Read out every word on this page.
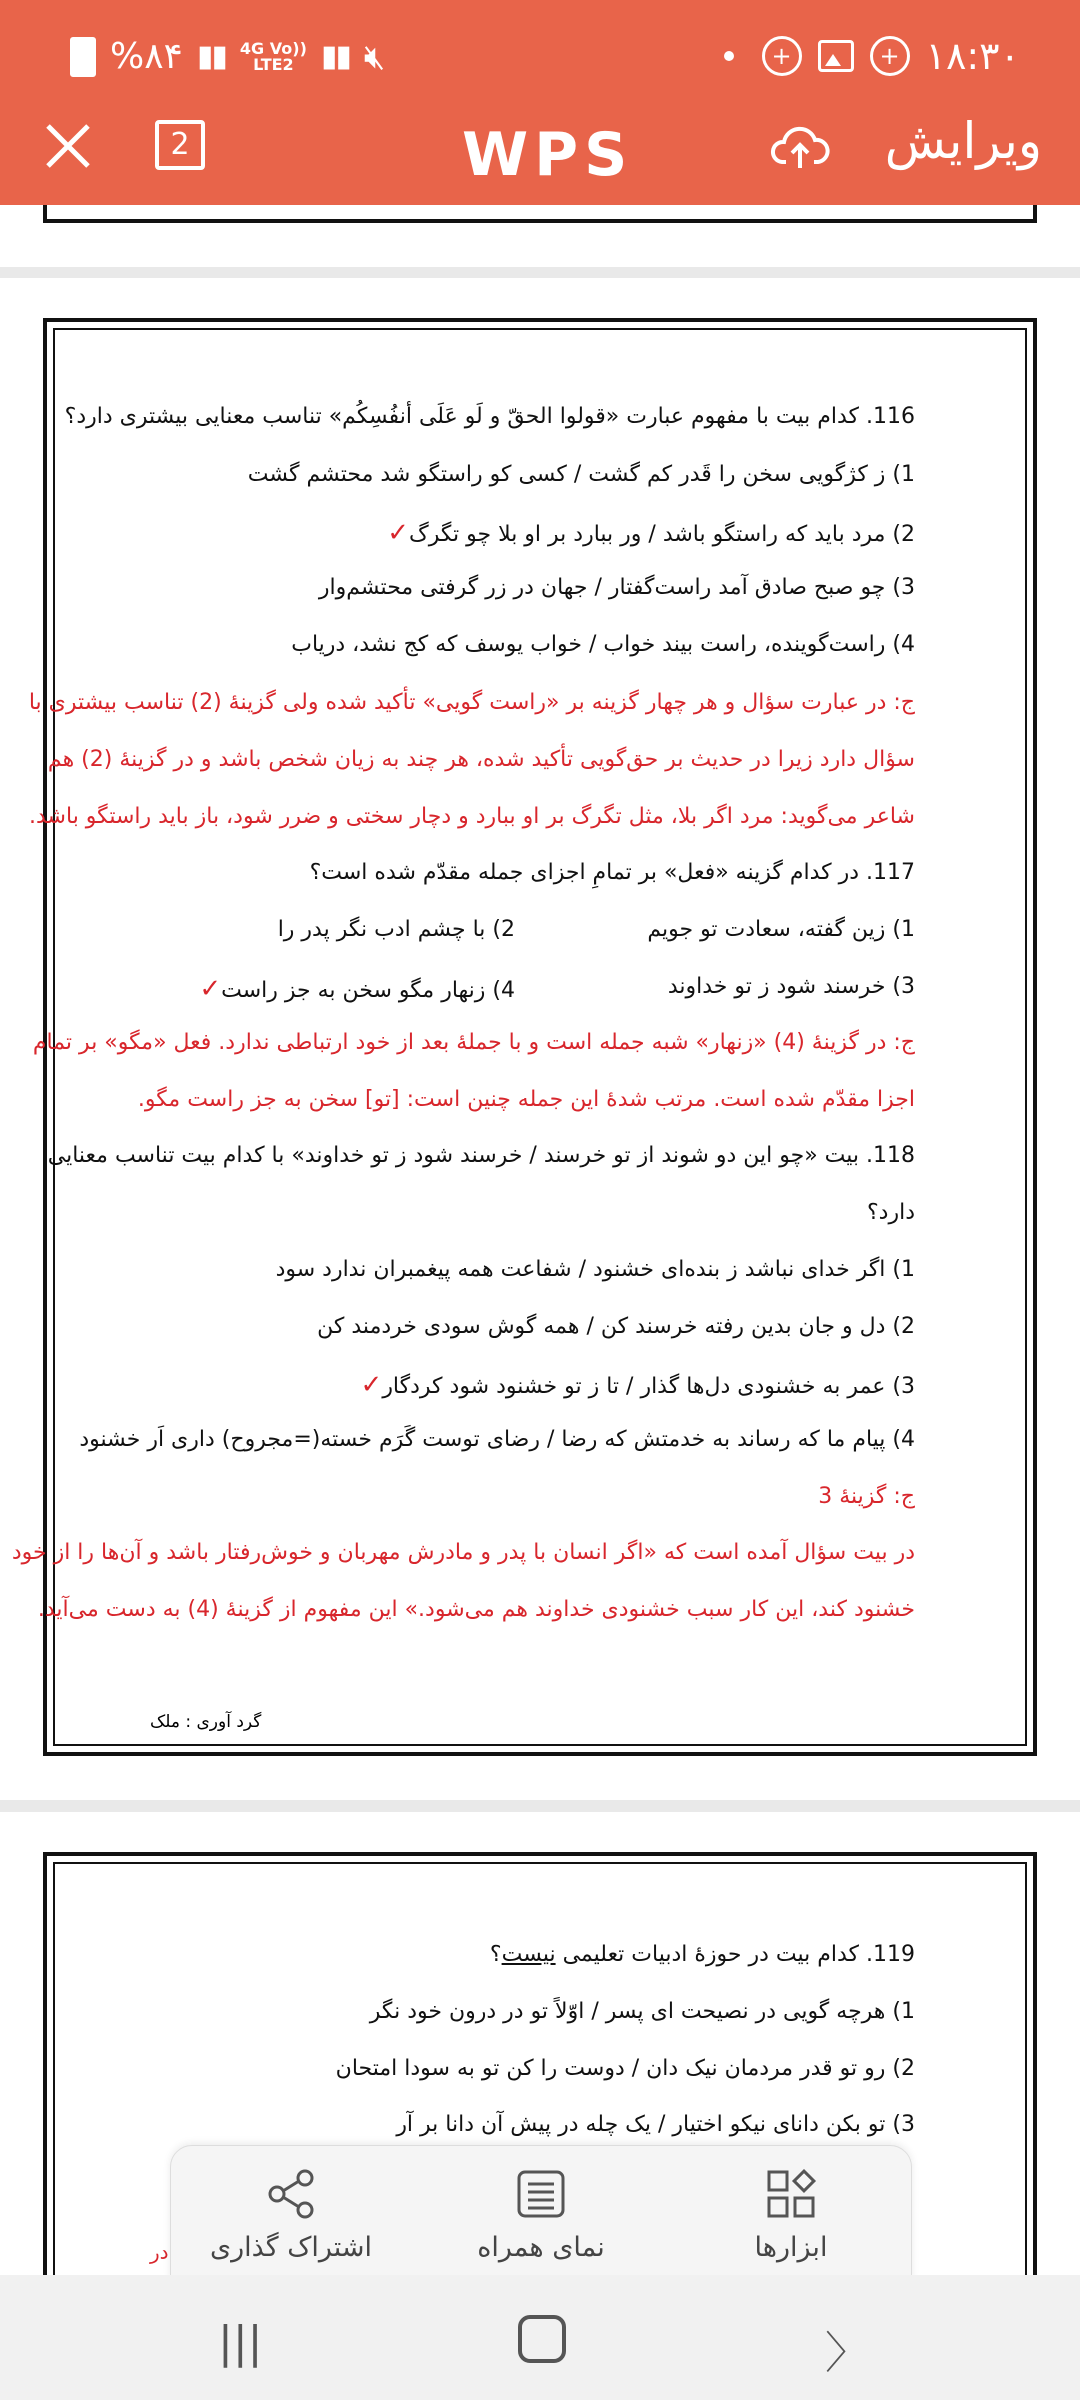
%۸۴ ▮▮ 4G Vo))
LTE2 ▮▮ 🔇︎	+	+ ۱۸:۳۰
2	WPS	ویرایش
116. کدام بیت با مفهوم عبارت «قولوا الحقّ و لَو عَلَی أنفُسِکُم» تناسب معنایی بیشتری دارد؟
1) ز کژگویی سخن را قَدر کم گشت / کسی کو راستگو شد محتشم گشت
2) مرد باید که راستگو باشد / ور ببارد بر او بلا چو تگرگ✓
3) چو صبح صادق آمد راست‌گفتار / جهان در زر گرفتی محتشم‌وار
4) راست‌گوینده، راست بیند خواب / خواب یوسف که کج نشد، دریاب
ج: در عبارت سؤال و هر چهار گزینه بر «راست گویی» تأکید شده ولی گزینۀ (2) تناسب بیشتری با
سؤال دارد زیرا در حدیث بر حق‌گویی تأکید شده، هر چند به زیان شخص باشد و در گزینۀ (2) هم
شاعر می‌گوید: مرد اگر بلا، مثل تگرگ بر او ببارد و دچار سختی و ضرر شود، باز باید راستگو باشد.
117. در کدام گزینه «فعل» بر تمامِ اجزای جمله مقدّم شده است؟
1) زین گفته، سعادت تو جویم
2) با چشم ادب نگر پدر را
3) خرسند شود ز تو خداوند
4) زنهار مگو سخن به جز راست✓
ج: در گزینۀ (4) «زنهار» شبه جمله است و با جملۀ بعد از خود ارتباطی ندارد. فعل «مگو» بر تمام
اجزا مقدّم شده است. مرتب شدۀ این جمله چنین است: [تو] سخن به جز راست مگو.
118. بیت «چو این دو شوند از تو خرسند / خرسند شود ز تو خداوند» با کدام بیت تناسب معنایی
دارد؟
1) اگر خدای نباشد ز بنده‌ای خشنود / شفاعت همه پیغمبران ندارد سود
2) دل و جان بدین رفته خرسند کن / همه گوش سودی خردمند کن
3) عمر به خشنودی دل‌ها گذار / تا ز تو خشنود شود کردگار✓
4) پیام ما که رساند به خدمتش که رضا / رضای توست گَرَم خسته(=مجروح) داری اَر خشنود
ج: گزینۀ 3
در بیت سؤال آمده است که «اگر انسان با پدر و مادرش مهربان و خوش‌رفتار باشد و آن‌ها را از خود
خشنود کند، این کار سبب خشنودی خداوند هم می‌شود.» این مفهوم از گزینۀ (4) به دست می‌آید.
گرد آوری : ملک
119. کدام بیت در حوزۀ ادبیات تعلیمی نیست؟
1) هرچه گویی در نصیحت ای پسر / اوّلاً تو در درون خود نگر
2) رو تو قدر مردمان نیک دان / دوست را کن تو به سودا امتحان
3) تو بکن دانای نیکو اختیار / یک چله در پیش آن دانا بر آر
در	ابزارها
نمای همراه
اشتراک گذاری
|||	〉
